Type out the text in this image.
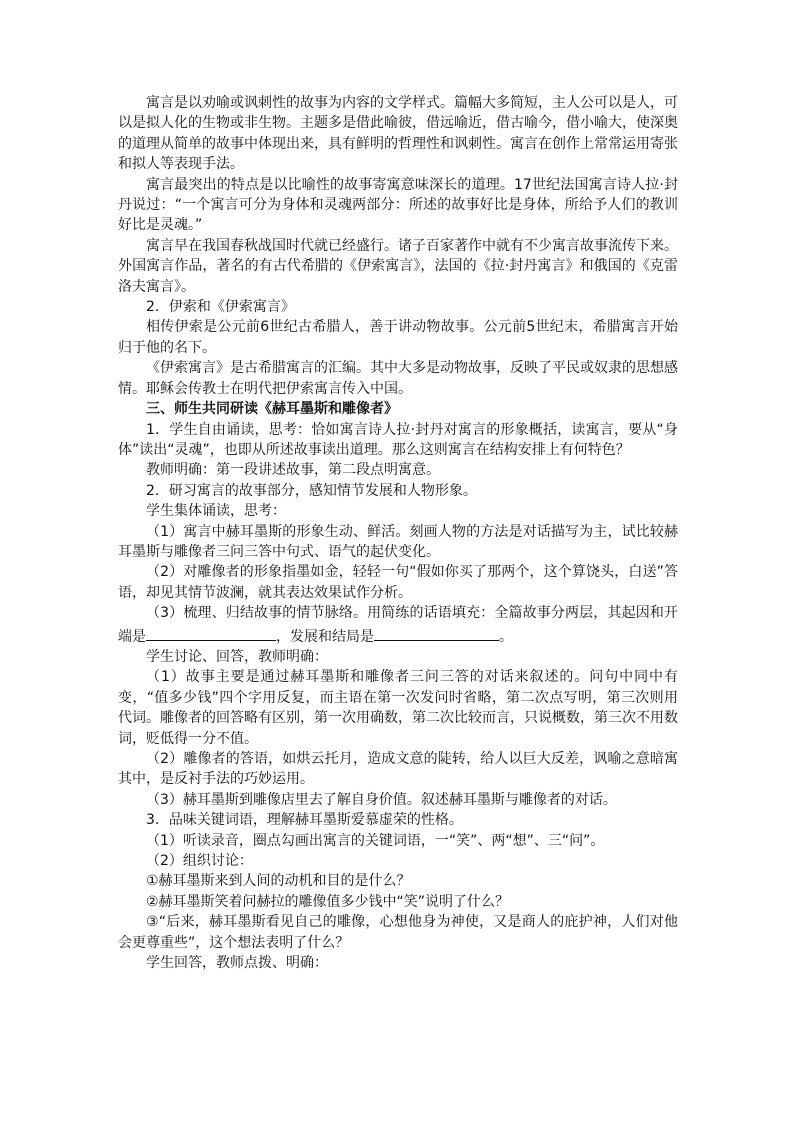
寓言是以劝喻或讽刺性的故事为内容的文学样式。篇幅大多简短，主人公可以是人，可以是拟人化的生物或非生物。主题多是借此喻彼，借远喻近，借古喻今，借小喻大，使深奥的道理从简单的故事中体现出来，具有鲜明的哲理性和讽刺性。寓言在创作上常常运用寄张和拟人等表现手法。

寓言最突出的特点是以比喻性的故事寄寓意味深长的道理。17世纪法国寓言诗人拉·封丹说过：“一个寓言可分为身体和灵魂两部分：所述的故事好比是身体，所给予人们的教训好比是灵魂。”

寓言早在我国春秋战国时代就已经盛行。诸子百家著作中就有不少寓言故事流传下来。外国寓言作品，著名的有古代希腊的《伊索寓言》，法国的《拉·封丹寓言》和俄国的《克雷洛夫寓言》。

2．伊索和《伊索寓言》

相传伊索是公元前6世纪古希腊人，善于讲动物故事。公元前5世纪末，希腊寓言开始归于他的名下。

《伊索寓言》是古希腊寓言的汇编。其中大多是动物故事，反映了平民或奴隶的思想感情。耶稣会传教士在明代把伊索寓言传入中国。

三、师生共同研读《赫耳墨斯和雕像者》

1．学生自由诵读，思考：恰如寓言诗人拉·封丹对寓言的形象概括，读寓言，要从“身体”读出“灵魂”，也即从所述故事读出道理。那么这则寓言在结构安排上有何特色？

教师明确：第一段讲述故事，第二段点明寓意。

2．研习寓言的故事部分，感知情节发展和人物形象。

学生集体诵读，思考：

（1）寓言中赫耳墨斯的形象生动、鲜活。刻画人物的方法是对话描写为主，试比较赫耳墨斯与雕像者三问三答中句式、语气的起伏变化。

（2）对雕像者的形象指墨如金，轻轻一句“假如你买了那两个，这个算饶头，白送”答语，却见其情节波澜，就其表达效果试作分析。

（3）梳理、归结故事的情节脉络。用简练的话语填充：全篇故事分两层，其起因和开端是	，发展和结局是	。

学生讨论、回答，教师明确：

（1）故事主要是通过赫耳墨斯和雕像者三问三答的对话来叙述的。问句中同中有变，“值多少钱”四个字用反复，而主语在第一次发问时省略，第二次点写明，第三次则用代词。雕像者的回答略有区别，第一次用确数，第二次比较而言，只说概数，第三次不用数词，贬低得一分不值。

（2）雕像者的答语，如烘云托月，造成文意的陡转，给人以巨大反差，讽喻之意暗寓其中，是反衬手法的巧妙运用。

（3）赫耳墨斯到雕像店里去了解自身价值。叙述赫耳墨斯与雕像者的对话。

3．品味关键词语，理解赫耳墨斯爱慕虚荣的性格。

（1）听读录音，圈点勾画出寓言的关键词语，一“笑”、两“想”、三“问”。

（2）组织讨论：

①赫耳墨斯来到人间的动机和目的是什么？

②赫耳墨斯笑着问赫拉的雕像值多少钱中“笑”说明了什么？

③“后来，赫耳墨斯看见自己的雕像，心想他身为神使，又是商人的庇护神，人们对他会更尊重些”，这个想法表明了什么？

学生回答，教师点拨、明确：
